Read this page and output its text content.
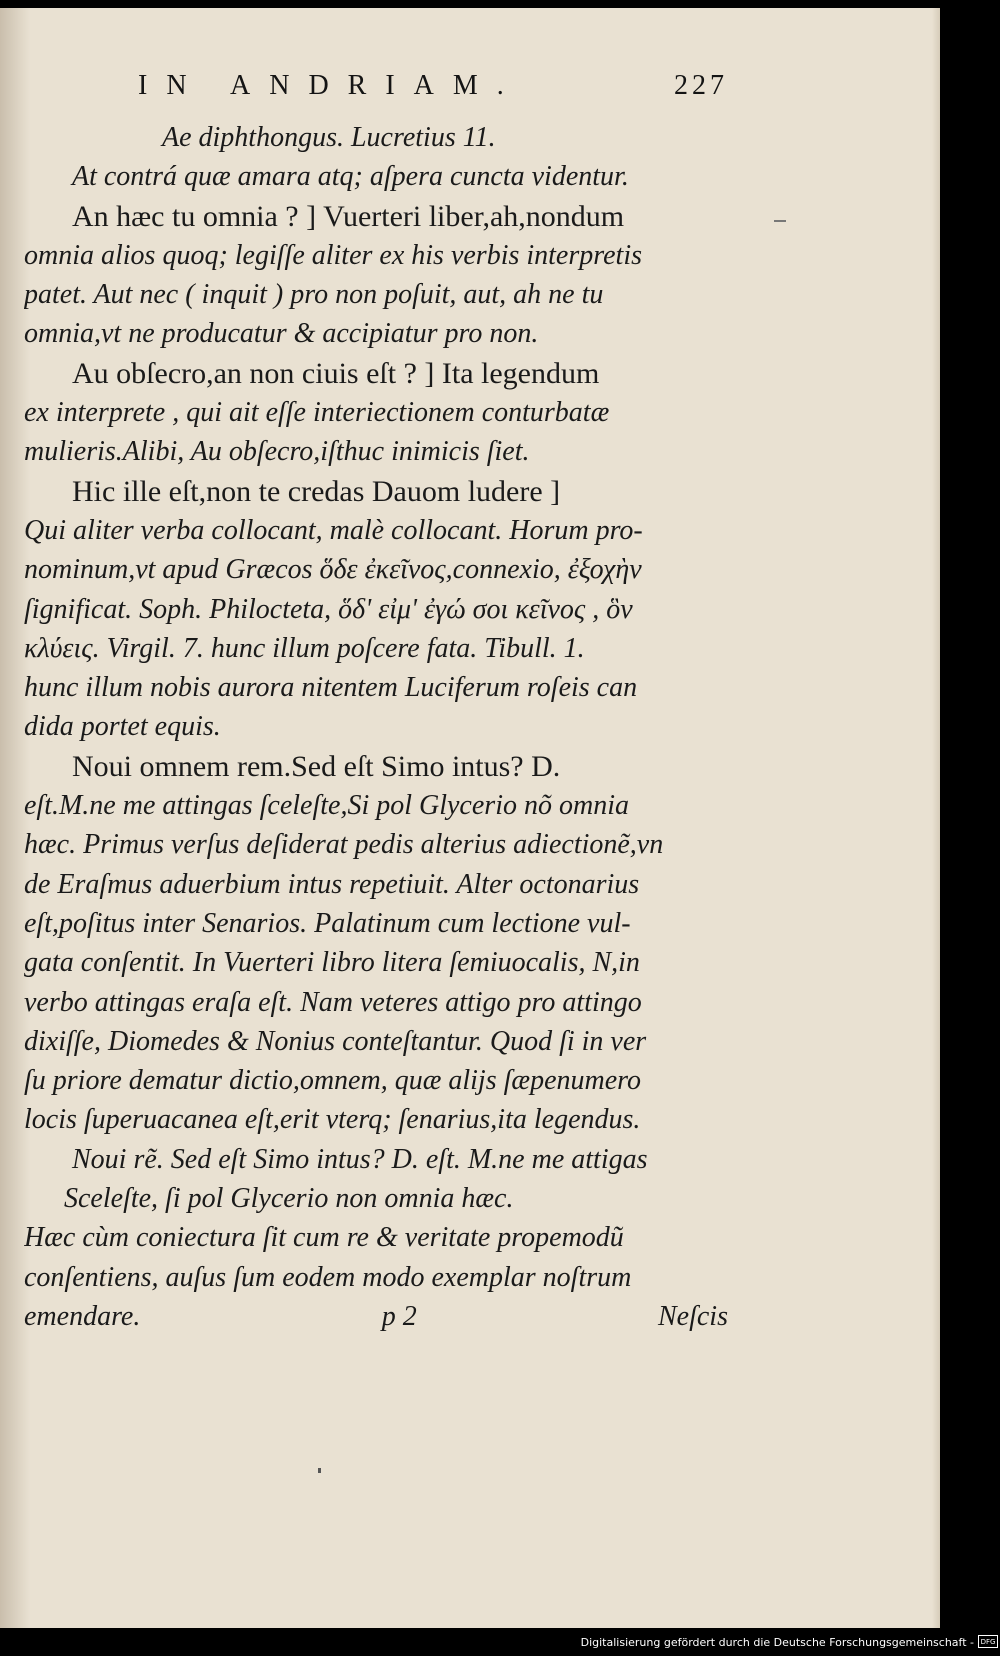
IN ANDRIAM.	227
Ae diphthongus. Lucretius 11.
At contrá quæ amara atq; aſpera cuncta videntur.
An hæc tu omnia ? ] Vuerteri liber,ah,nondum
omnia alios quoq; legiſſe aliter ex his verbis interpretis
patet. Aut nec ( inquit ) pro non poſuit, aut, ah ne tu
omnia,vt ne producatur & accipiatur pro non.
Au obſecro,an non ciuis eſt ? ] Ita legendum
ex interprete , qui ait eſſe interiectionem conturbatæ
mulieris.Alibi, Au obſecro,iſthuc inimicis ſiet.
Hic ille eſt,non te credas Dauom ludere ]
Qui aliter verba collocant, malè collocant. Horum pro-
nominum,vt apud Græcos ὅδε ἐκεῖνος,connexio, ἐξοχὴν
ſignificat. Soph. Philocteta, ὅδ' εἰμ' ἐγώ σοι κεῖνος , ὃν
κλύεις. Virgil. 7. hunc illum poſcere fata. Tibull. 1.
hunc illum nobis aurora nitentem Luciferum roſeis can
dida portet equis.
Noui omnem rem.Sed eſt Simo intus? D.
eſt.M.ne me attingas ſceleſte,Si pol Glycerio nõ omnia
hæc. Primus verſus deſiderat pedis alterius adiectionẽ,vn
de Eraſmus aduerbium intus repetiuit. Alter octonarius
eſt,poſitus inter Senarios. Palatinum cum lectione vul-
gata conſentit. In Vuerteri libro litera ſemiuocalis, N,in
verbo attingas eraſa eſt. Nam veteres attigo pro attingo
dixiſſe, Diomedes & Nonius conteſtantur. Quod ſi in ver
ſu priore dematur dictio,omnem, quæ alijs ſæpenumero
locis ſuperuacanea eſt,erit vterq; ſenarius,ita legendus.
Noui rẽ. Sed eſt Simo intus? D. eſt. M.ne me attigas
Sceleſte, ſi pol Glycerio non omnia hæc.
Hæc cùm coniectura ſit cum re & veritate propemodũ
conſentiens, auſus ſum eodem modo exemplar noſtrum
emendare.	p 2	Neſcis
Digitalisierung gefördert durch die Deutsche Forschungsgemeinschaft - DFG
